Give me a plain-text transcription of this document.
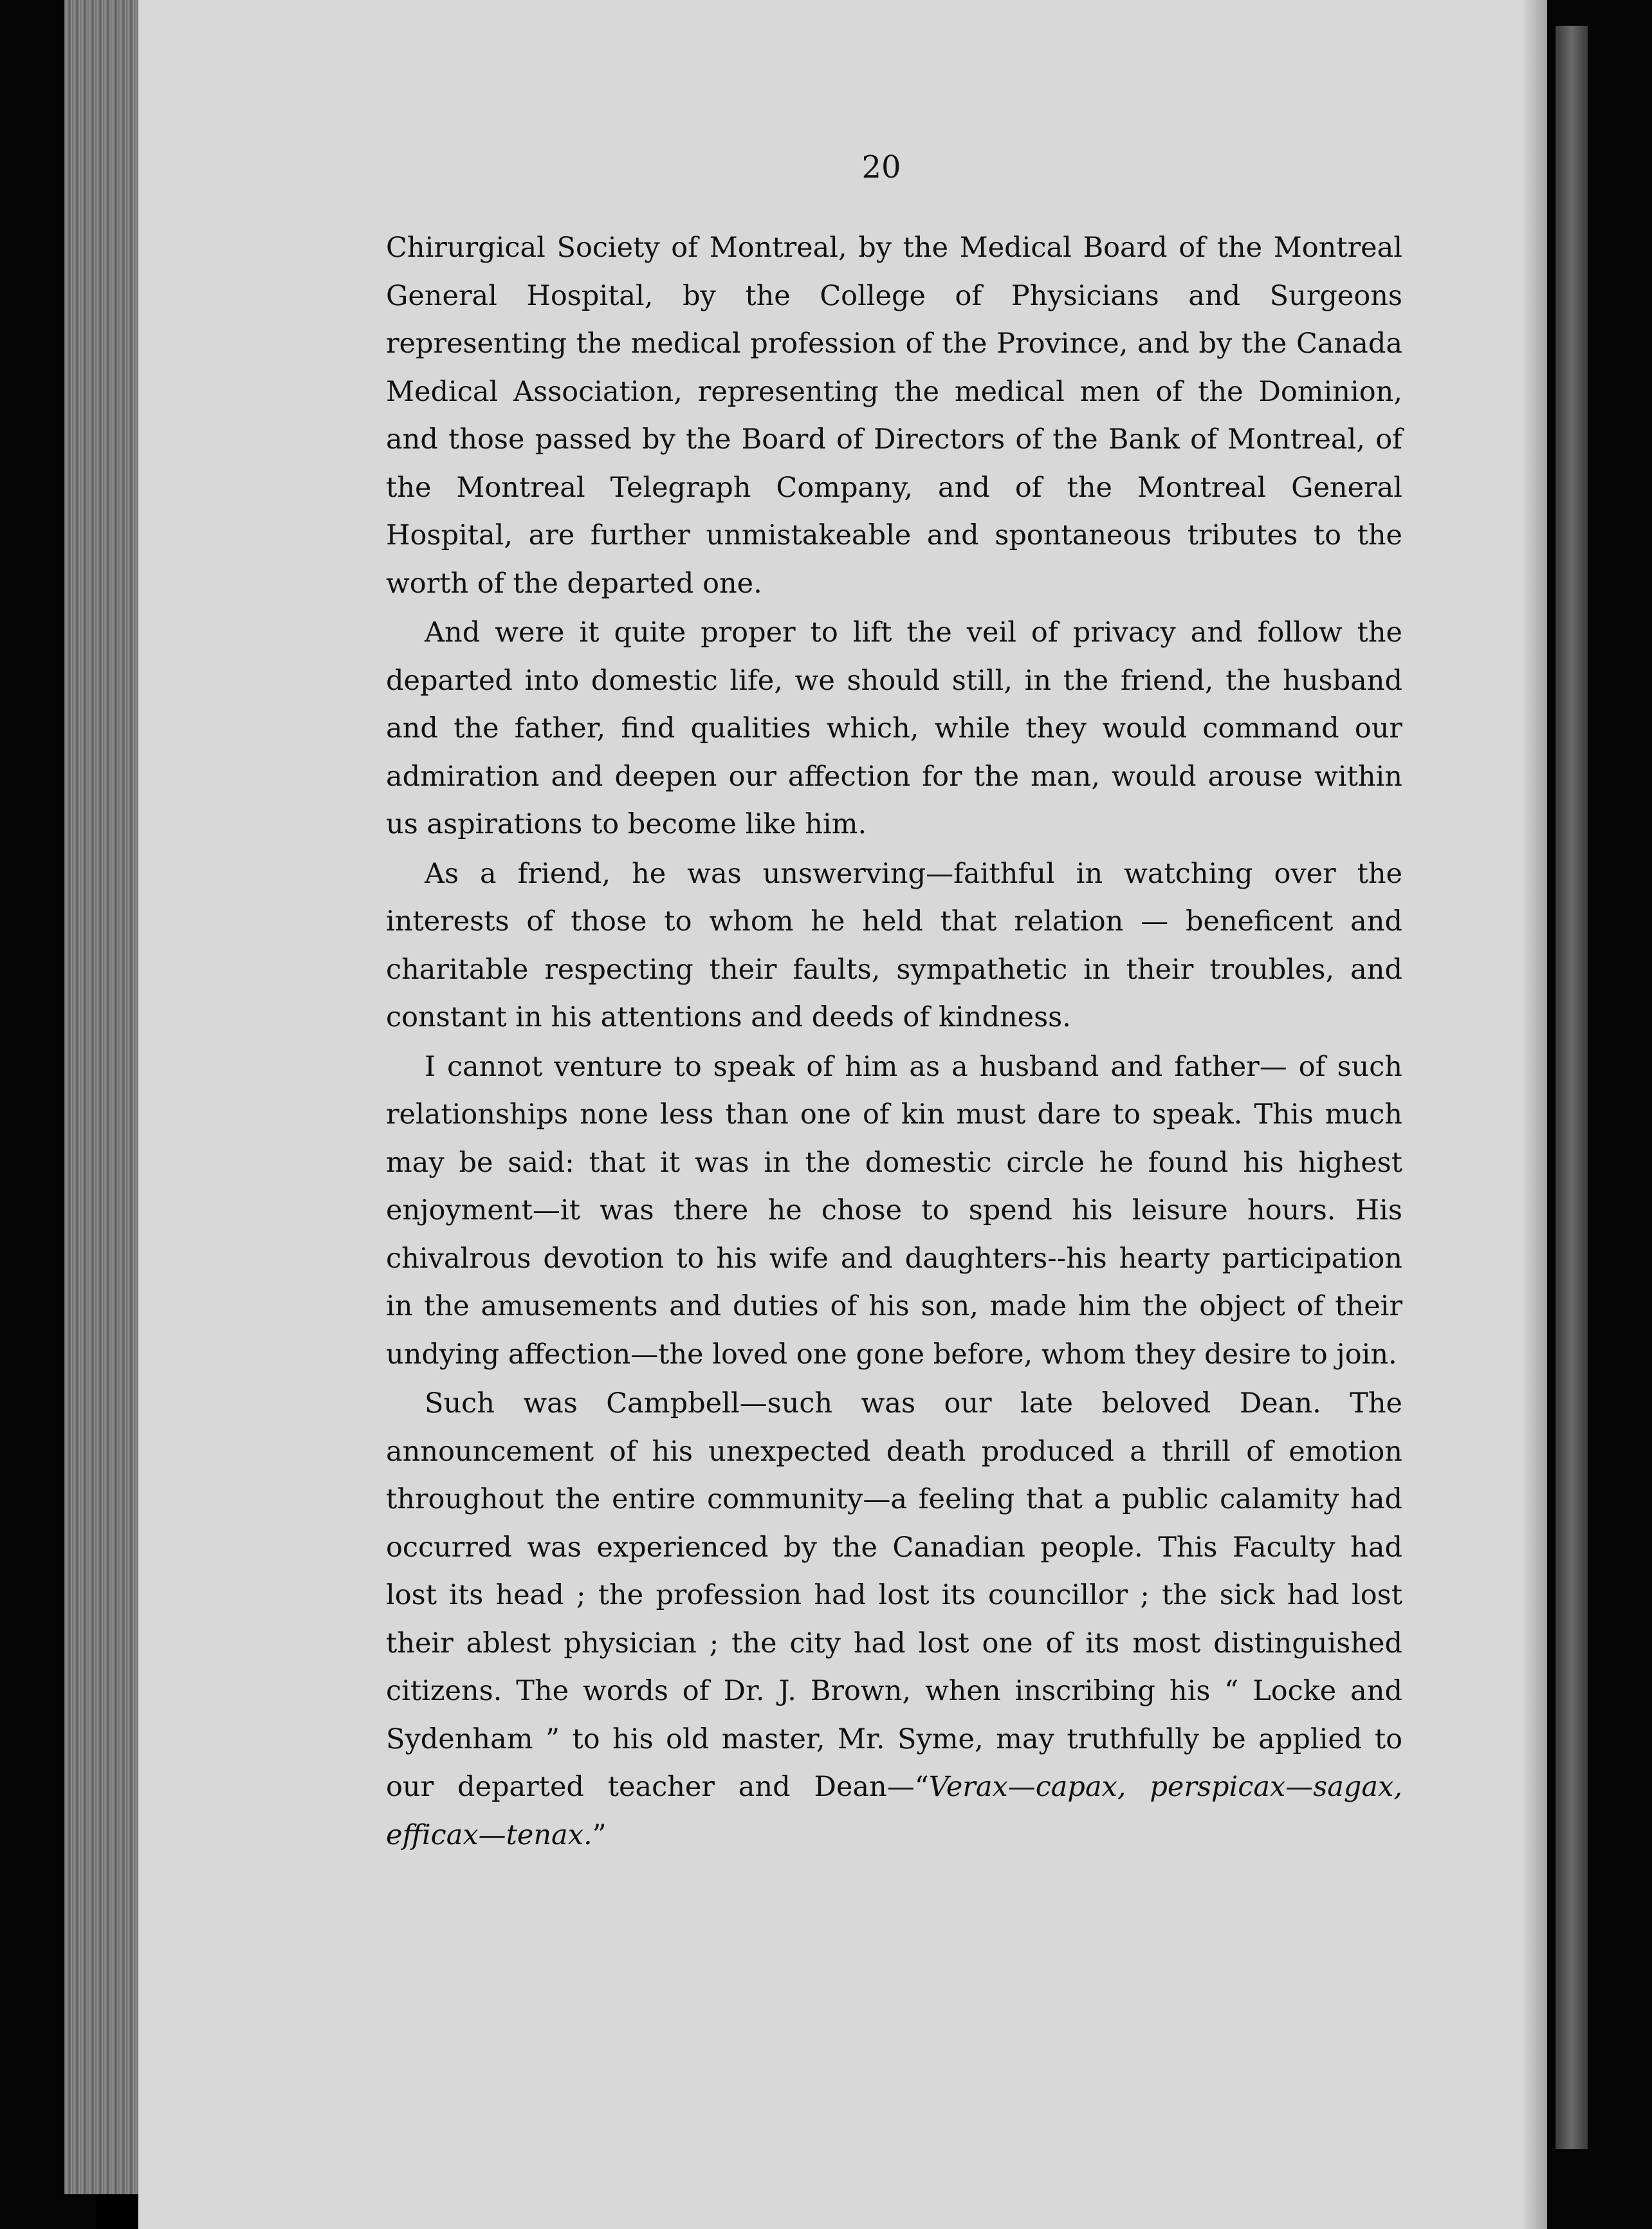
20

Chirurgical Society of Montreal, by the Medical Board of the Montreal General Hospital, by the College of Physicians and Surgeons representing the medical profession of the Province, and by the Canada Medical Association, representing the medical men of the Dominion, and those passed by the Board of Directors of the Bank of Montreal, of the Montreal Telegraph Company, and of the Montreal General Hospital, are further unmistakeable and spontaneous tributes to the worth of the departed one.

And were it quite proper to lift the veil of privacy and follow the departed into domestic life, we should still, in the friend, the husband and the father, find qualities which, while they would command our admiration and deepen our affection for the man, would arouse within us aspirations to become like him.

As a friend, he was unswerving—faithful in watching over the interests of those to whom he held that relation — beneficent and charitable respecting their faults, sympathetic in their troubles, and constant in his attentions and deeds of kindness.

I cannot venture to speak of him as a husband and father— of such relationships none less than one of kin must dare to speak. This much may be said: that it was in the domestic circle he found his highest enjoyment—it was there he chose to spend his leisure hours. His chivalrous devotion to his wife and daughters--his hearty participation in the amusements and duties of his son, made him the object of their undying affection—the loved one gone before, whom they desire to join.

Such was Campbell—such was our late beloved Dean. The announcement of his unexpected death produced a thrill of emotion throughout the entire community—a feeling that a public calamity had occurred was experienced by the Canadian people. This Faculty had lost its head ; the profession had lost its councillor ; the sick had lost their ablest physician ; the city had lost one of its most distinguished citizens. The words of Dr. J. Brown, when inscribing his “ Locke and Sydenham ” to his old master, Mr. Syme, may truthfully be applied to our departed teacher and Dean—“Verax—capax, perspicax—sagax, efficax—tenax.”
